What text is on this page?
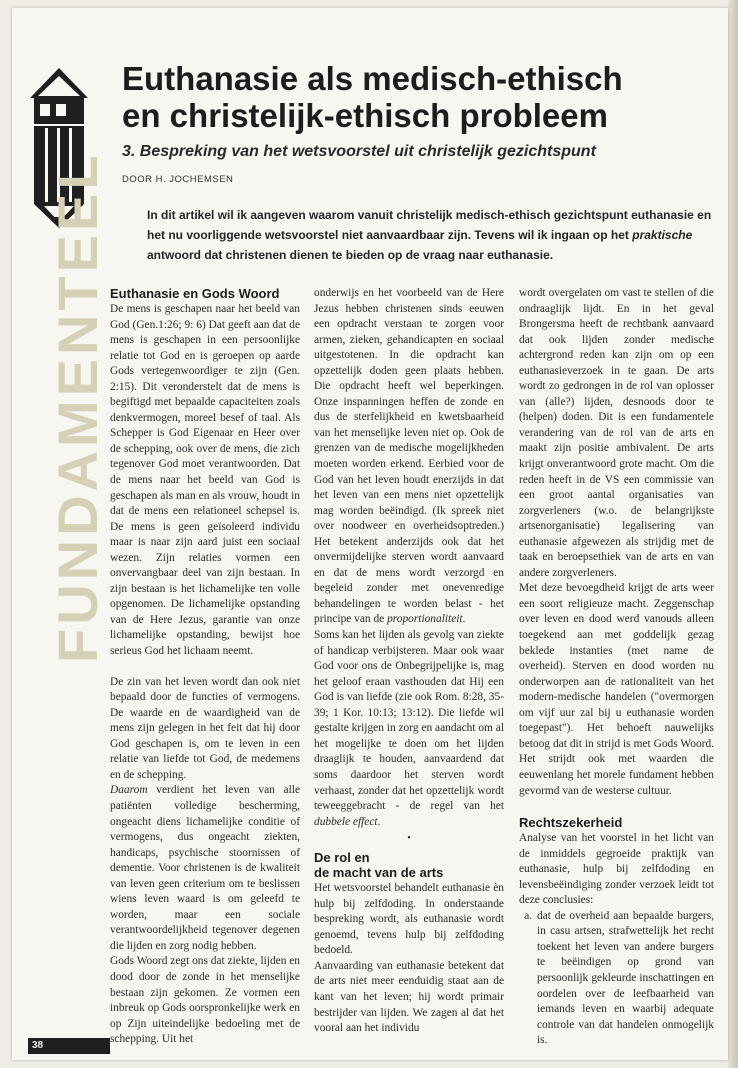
FUNDAMENTEEL
Euthanasie als medisch-ethisch
en christelijk-ethisch probleem

3. Bespreking van het wetsvoorstel uit christelijk gezichtspunt

DOOR H. JOCHEMSEN

In dit artikel wil ik aangeven waarom vanuit christelijk medisch-ethisch gezichtspunt euthanasie en het nu voorliggende wetsvoorstel niet aanvaardbaar zijn. Tevens wil ik ingaan op het praktische antwoord dat christenen dienen te bieden op de vraag naar euthanasie.

Euthanasie en Gods Woord

De mens is geschapen naar het beeld van God (Gen.1:26; 9: 6) Dat geeft aan dat de mens is geschapen in een persoonlijke relatie tot God en is geroepen op aarde Gods vertegenwoordiger te zijn (Gen. 2:15). Dit veronderstelt dat de mens is begiftigd met bepaalde capaciteiten zoals denkvermogen, moreel besef of taal. Als Schepper is God Eigenaar en Heer over de schepping, ook over de mens, die zich tegenover God moet verantwoorden. Dat de mens naar het beeld van God is geschapen als man en als vrouw, houdt in dat de mens een relationeel schepsel is. De mens is geen geïsoleerd individu maar is naar zijn aard juist een sociaal wezen. Zijn relaties vormen een onvervangbaar deel van zijn bestaan. In zijn bestaan is het lichamelijke ten volle opgenomen. De lichamelijke opstanding van de Here Jezus, garantie van onze lichamelijke opstanding, bewijst hoe serieus God het lichaam neemt.

De zin van het leven wordt dan ook niet bepaald door de functies of vermogens. De waarde en de waardigheid van de mens zijn gelegen in het feit dat hij door God geschapen is, om te leven in een relatie van liefde tot God, de medemens en de schepping.

Daarom verdient het leven van alle patiënten volledige bescherming, ongeacht diens lichamelijke conditie of vermogens, dus ongeacht ziekten, handicaps, psychische stoornissen of dementie. Voor christenen is de kwaliteit van leven geen criterium om te beslissen wiens leven waard is om geleefd te worden, maar een sociale verantwoordelijkheid tegenover degenen die lijden en zorg nodig hebben.

Gods Woord zegt ons dat ziekte, lijden en dood door de zonde in het menselijke bestaan zijn gekomen. Ze vormen een inbreuk op Gods oorspronkelijke werk en op Zijn uiteindelijke bedoeling met de schepping. Uit het

onderwijs en het voorbeeld van de Here Jezus hebben christenen sinds eeuwen een opdracht verstaan te zorgen voor armen, zieken, gehandicapten en sociaal uitgestotenen. In die opdracht kan opzettelijk doden geen plaats hebben. Die opdracht heeft wel beperkingen. Onze inspanningen heffen de zonde en dus de sterfelijkheid en kwetsbaarheid van het menselijke leven niet op. Ook de grenzen van de medische mogelijkheden moeten worden erkend. Eerbied voor de God van het leven houdt enerzijds in dat het leven van een mens niet opzettelijk mag worden beëindigd. (Ik spreek niet over noodweer en overheidsoptreden.) Het betekent anderzijds ook dat het onvermijdelijke sterven wordt aanvaard en dat de mens wordt verzorgd en begeleid zonder met onevenredige behandelingen te worden belast - het principe van de proportionaliteit.

Soms kan het lijden als gevolg van ziekte of handicap verbijsteren. Maar ook waar God voor ons de Onbegrijpelijke is, mag het geloof eraan vasthouden dat Hij een God is van liefde (zie ook Rom. 8:28, 35-39; 1 Kor. 10:13; 13:12). Die liefde wil gestalte krijgen in zorg en aandacht om al het mogelijke te doen om het lijden draaglijk te houden, aanvaardend dat soms daardoor het sterven wordt verhaast, zonder dat het opzettelijk wordt teweeggebracht - de regel van het dubbele effect.

•
De rol en
de macht van de arts

Het wetsvoorstel behandelt euthanasie èn hulp bij zelfdoding. In onderstaande bespreking wordt, als euthanasie wordt genoemd, tevens hulp bij zelfdoding bedoeld.

Aanvaarding van euthanasie betekent dat de arts niet meer eenduidig staat aan de kant van het leven; hij wordt primair bestrijder van lijden. We zagen al dat het vooral aan het individu

wordt overgelaten om vast te stellen of die ondraaglijk lijdt. En in het geval Brongersma heeft de rechtbank aanvaard dat ook lijden zonder medische achtergrond reden kan zijn om op een euthanasieverzoek in te gaan. De arts wordt zo gedrongen in de rol van oplosser van (alle?) lijden, desnoods door te (helpen) doden. Dit is een fundamentele verandering van de rol van de arts en maakt zijn positie ambivalent. De arts krijgt onverantwoord grote macht. Om die reden heeft in de VS een commissie van een groot aantal organisaties van zorgverleners (w.o. de belangrijkste artsenorganisatie) legalisering van euthanasie afgewezen als strijdig met de taak en beroepsethiek van de arts en van andere zorgverleners.

Met deze bevoegdheid krijgt de arts weer een soort religieuze macht. Zeggenschap over leven en dood werd vanouds alleen toegekend aan met goddelijk gezag beklede instanties (met name de overheid). Sterven en dood worden nu onderworpen aan de rationaliteit van het modern-medische handelen ("overmorgen om vijf uur zal bij u euthanasie worden toegepast"). Het behoeft nauwelijks betoog dat dit in strijd is met Gods Woord. Het strijdt ook met waarden die eeuwenlang het morele fundament hebben gevormd van de westerse cultuur.

Rechtszekerheid

Analyse van het voorstel in het licht van de inmiddels gegroeide praktijk van euthanasie, hulp bij zelfdoding en levensbeëindiging zonder verzoek leidt tot deze conclusies:

a. dat de overheid aan bepaalde burgers, in casu artsen, strafwettelijk het recht toekent het leven van andere burgers te beëindigen op grond van persoonlijk gekleurde inschattingen en oordelen over de leefbaarheid van iemands leven en waarbij adequate controle van dat handelen onmogelijk is.
38
